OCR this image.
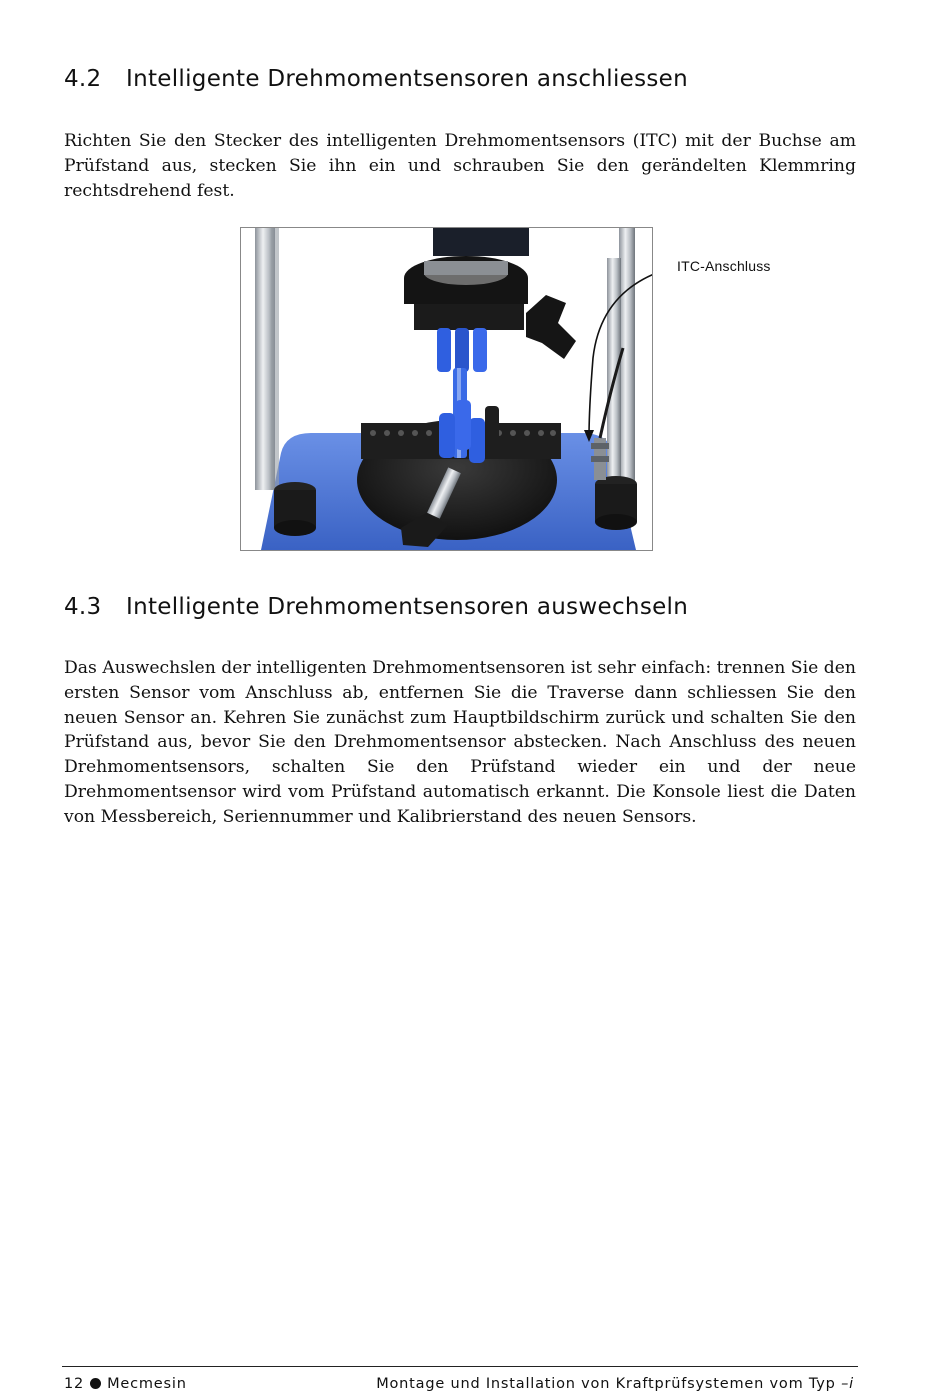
4.2 Intelligente Drehmomentsensoren anschliessen

Richten Sie den Stecker des intelligenten Drehmomentsensors (ITC) mit der Buchse am Prüfstand aus, stecken Sie ihn ein und schrauben Sie den gerändelten Klemmring rechtsdrehend fest.

ITC-Anschluss
4.3 Intelligente Drehmomentsensoren auswechseln

Das Auswechslen der intelligenten Drehmomentsensoren ist sehr einfach: trennen Sie den ersten Sensor vom Anschluss ab, entfernen Sie die Traverse dann schliessen Sie den neuen Sensor an. Kehren Sie zunächst zum Hauptbildschirm zurück und schalten Sie den Prüfstand aus, bevor Sie den Drehmomentsensor abstecken. Nach Anschluss des neuen Drehmomentsensors, schalten Sie den Prüfstand wieder ein und der neue Drehmomentsensor wird vom Prüfstand automatisch erkannt. Die Konsole liest die Daten von Messbereich, Seriennummer und Kalibrierstand des neuen Sensors.

12 Mecmesin	Montage und Installation von Kraftprüfsystemen vom Typ –i
